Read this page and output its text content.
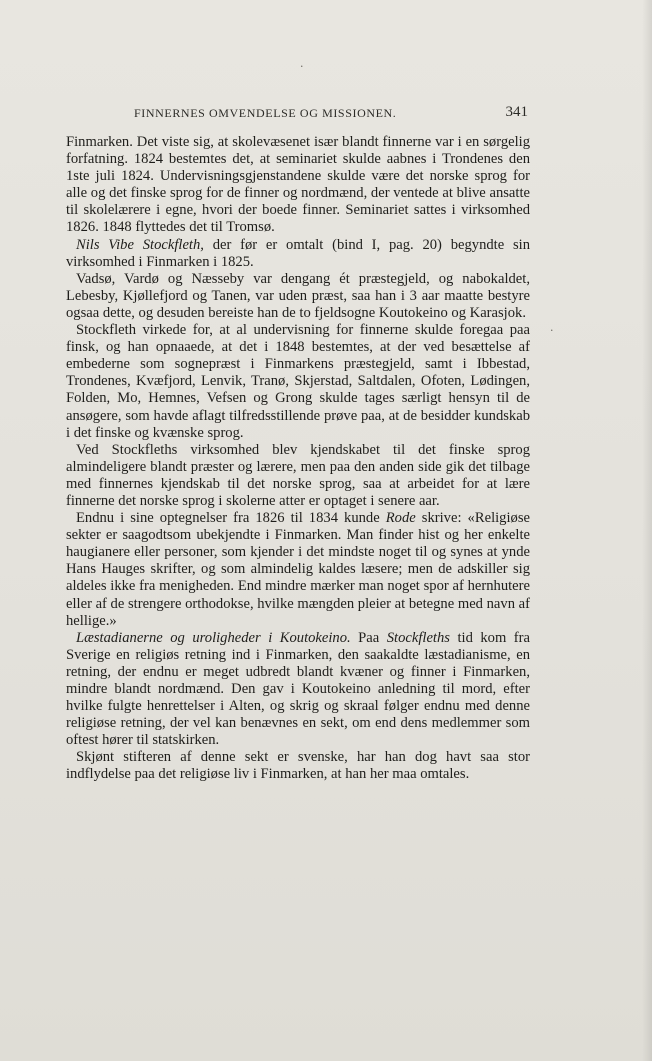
FINNERNES OMVENDELSE OG MISSIONEN.	341

Finmarken. Det viste sig, at skolevæsenet især blandt finnerne var i en sørgelig forfatning. 1824 bestemtes det, at seminariet skulde aabnes i Trondenes den 1ste juli 1824. Undervisningsgjenstandene skulde være det norske sprog for alle og det finske sprog for de finner og nordmænd, der ventede at blive ansatte til skolelærere i egne, hvori der boede finner. Seminariet sattes i virksomhed 1826. 1848 flyttedes det til Tromsø.

Nils Vibe Stockfleth, der før er omtalt (bind I, pag. 20) begyndte sin virksomhed i Finmarken i 1825.

Vadsø, Vardø og Næsseby var dengang ét præstegjeld, og nabokaldet, Lebesby, Kjøllefjord og Tanen, var uden præst, saa han i 3 aar maatte bestyre ogsaa dette, og desuden bereiste han de to fjeldsogne Koutokeino og Karasjok.

Stockfleth virkede for, at al undervisning for finnerne skulde foregaa paa finsk, og han opnaaede, at det i 1848 bestemtes, at der ved besættelse af embederne som sognepræst i Finmarkens præstegjeld, samt i Ibbestad, Trondenes, Kvæfjord, Lenvik, Tranø, Skjerstad, Saltdalen, Ofoten, Lødingen, Folden, Mo, Hemnes, Vefsen og Grong skulde tages særligt hensyn til de ansøgere, som havde aflagt tilfredsstillende prøve paa, at de besidder kundskab i det finske og kvænske sprog.

Ved Stockfleths virksomhed blev kjendskabet til det finske sprog almindeligere blandt præster og lærere, men paa den anden side gik det tilbage med finnernes kjendskab til det norske sprog, saa at arbeidet for at lære finnerne det norske sprog i skolerne atter er optaget i senere aar.

Endnu i sine optegnelser fra 1826 til 1834 kunde Rode skrive: «Religiøse sekter er saagodtsom ubekjendte i Finmarken. Man finder hist og her enkelte haugianere eller personer, som kjender i det mindste noget til og synes at ynde Hans Hauges skrifter, og som almindelig kaldes læsere; men de adskiller sig aldeles ikke fra menigheden. End mindre mærker man noget spor af hernhutere eller af de strengere orthodokse, hvilke mængden pleier at betegne med navn af hellige.»

Læstadianerne og uroligheder i Koutokeino. Paa Stockfleths tid kom fra Sverige en religiøs retning ind i Finmarken, den saakaldte læstadianisme, en retning, der endnu er meget udbredt blandt kvæner og finner i Finmarken, mindre blandt nordmænd. Den gav i Koutokeino anledning til mord, efter hvilke fulgte henrettelser i Alten, og skrig og skraal følger endnu med denne religiøse retning, der vel kan benævnes en sekt, om end dens medlemmer som oftest hører til statskirken.

Skjønt stifteren af denne sekt er svenske, har han dog havt saa stor indflydelse paa det religiøse liv i Finmarken, at han her maa omtales.

·
·
